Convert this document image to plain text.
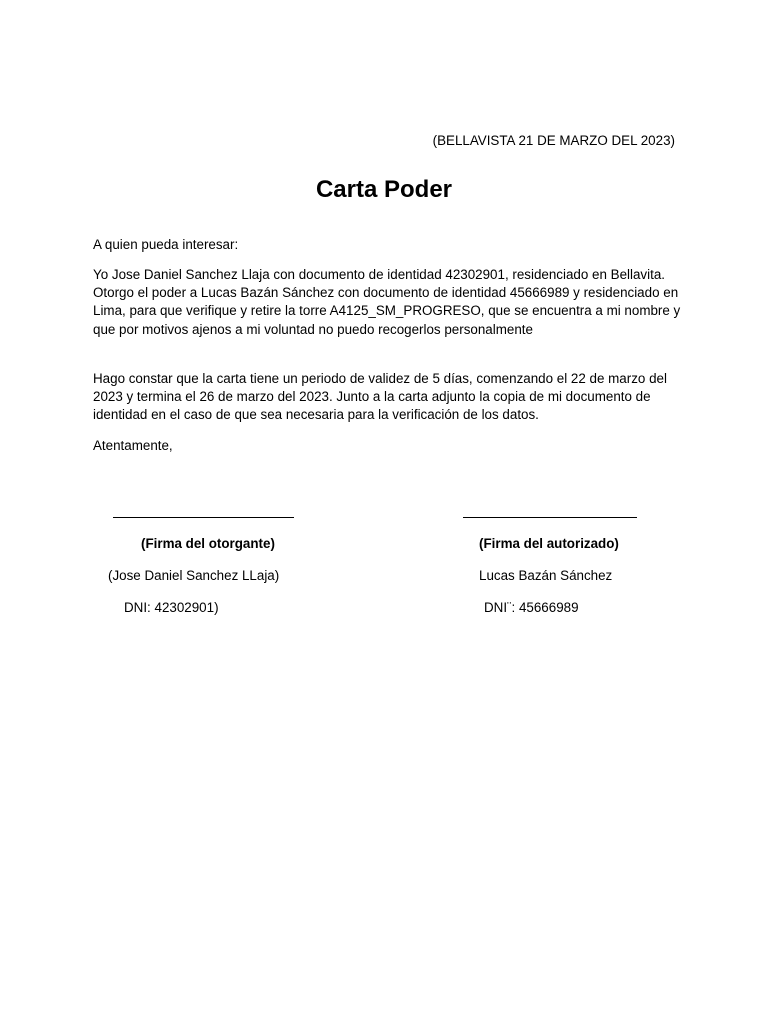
(BELLAVISTA 21 DE MARZO DEL 2023)
Carta Poder
A quien pueda interesar:
Yo Jose Daniel Sanchez Llaja con documento de identidad 42302901, residenciado en Bellavita. Otorgo el poder a Lucas Bazán Sánchez con documento de identidad 45666989 y residenciado en Lima, para que verifique y retire la torre A4125_SM_PROGRESO, que se encuentra a mi nombre y que por motivos ajenos a mi voluntad no puedo recogerlos personalmente
Hago constar que la carta tiene un periodo de validez de 5 días, comenzando el 22 de marzo del 2023 y termina el 26 de marzo del 2023. Junto a la carta adjunto la copia de mi documento de identidad en el caso de que sea necesaria para la verificación de los datos.
Atentamente,
(Firma del otorgante)
(Jose Daniel Sanchez LLaja)
DNI: 42302901)
(Firma del autorizado)
Lucas Bazán Sánchez
DNI¨: 45666989
